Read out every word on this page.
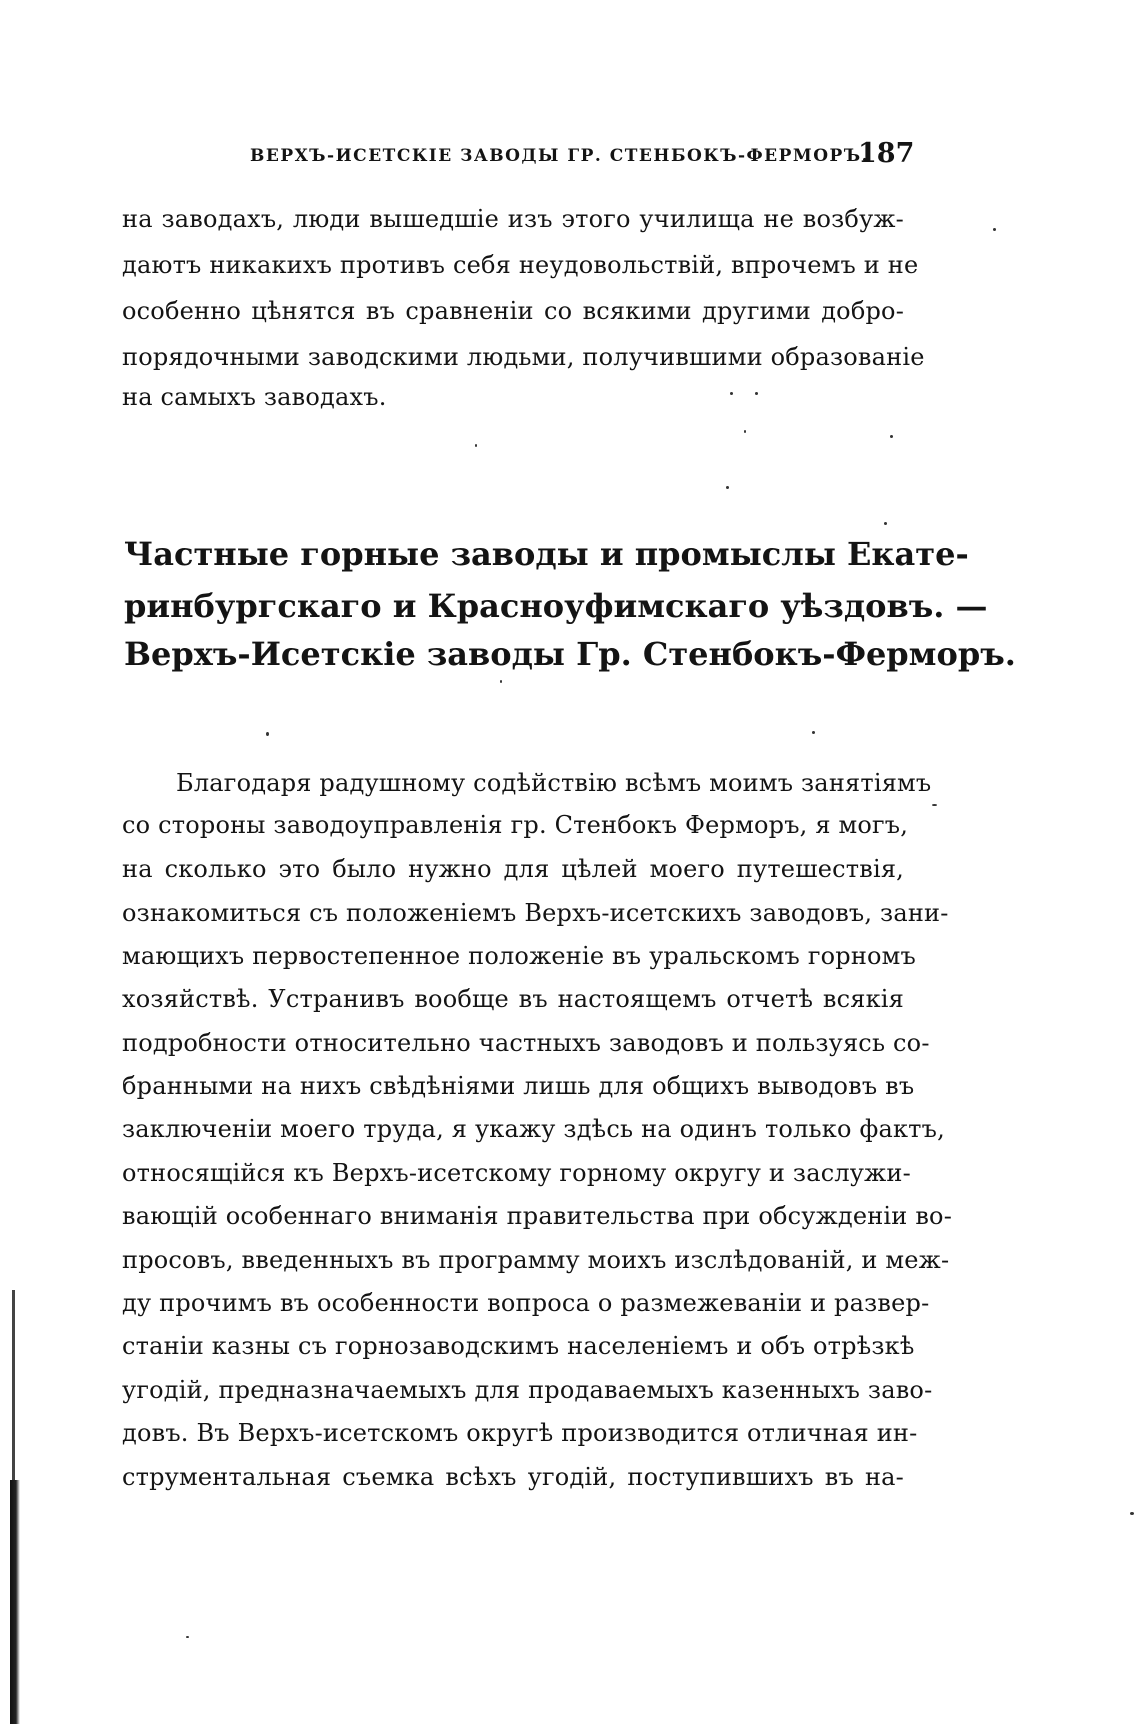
ВЕРХЪ-ИСЕТСКІЕ ЗАВОДЫ ГР. СТЕНБОКЪ-ФЕРМОРЪ.
187
на заводахъ, люди вышедшіе изъ этого училища не возбуж-
даютъ никакихъ противъ себя неудовольствій, впрочемъ и не
особенно цѣнятся въ сравненіи со всякими другими добро-
порядочными заводскими людьми, получившими образованіе
на самыхъ заводахъ.
Частные горные заводы и промыслы Екате-
ринбургскаго и Красноуфимскаго уѣздовъ. —
Верхъ-Исетскіе заводы Гр. Стенбокъ-Ферморъ.
Благодаря радушному содѣйствію всѣмъ моимъ занятіямъ
со стороны заводоуправленія гр. Стенбокъ Ферморъ, я могъ,
на сколько это было нужно для цѣлей моего путешествія,
ознакомиться съ положеніемъ Верхъ-исетскихъ заводовъ, зани-
мающихъ первостепенное положеніе въ уральскомъ горномъ
хозяйствѣ. Устранивъ вообще въ настоящемъ отчетѣ всякія
подробности относительно частныхъ заводовъ и пользуясь со-
бранными на нихъ свѣдѣніями лишь для общихъ выводовъ въ
заключеніи моего труда, я укажу здѣсь на одинъ только фактъ,
относящійся къ Верхъ-исетскому горному округу и заслужи-
вающій особеннаго вниманія правительства при обсужденіи во-
просовъ, введенныхъ въ программу моихъ изслѣдованій, и меж-
ду прочимъ въ особенности вопроса о размежеваніи и развер-
станіи казны съ горнозаводскимъ населеніемъ и объ отрѣзкѣ
угодій, предназначаемыхъ для продаваемыхъ казенныхъ заво-
довъ. Въ Верхъ-исетскомъ округѣ производится отличная ин-
струментальная съемка всѣхъ угодій, поступившихъ въ на-
